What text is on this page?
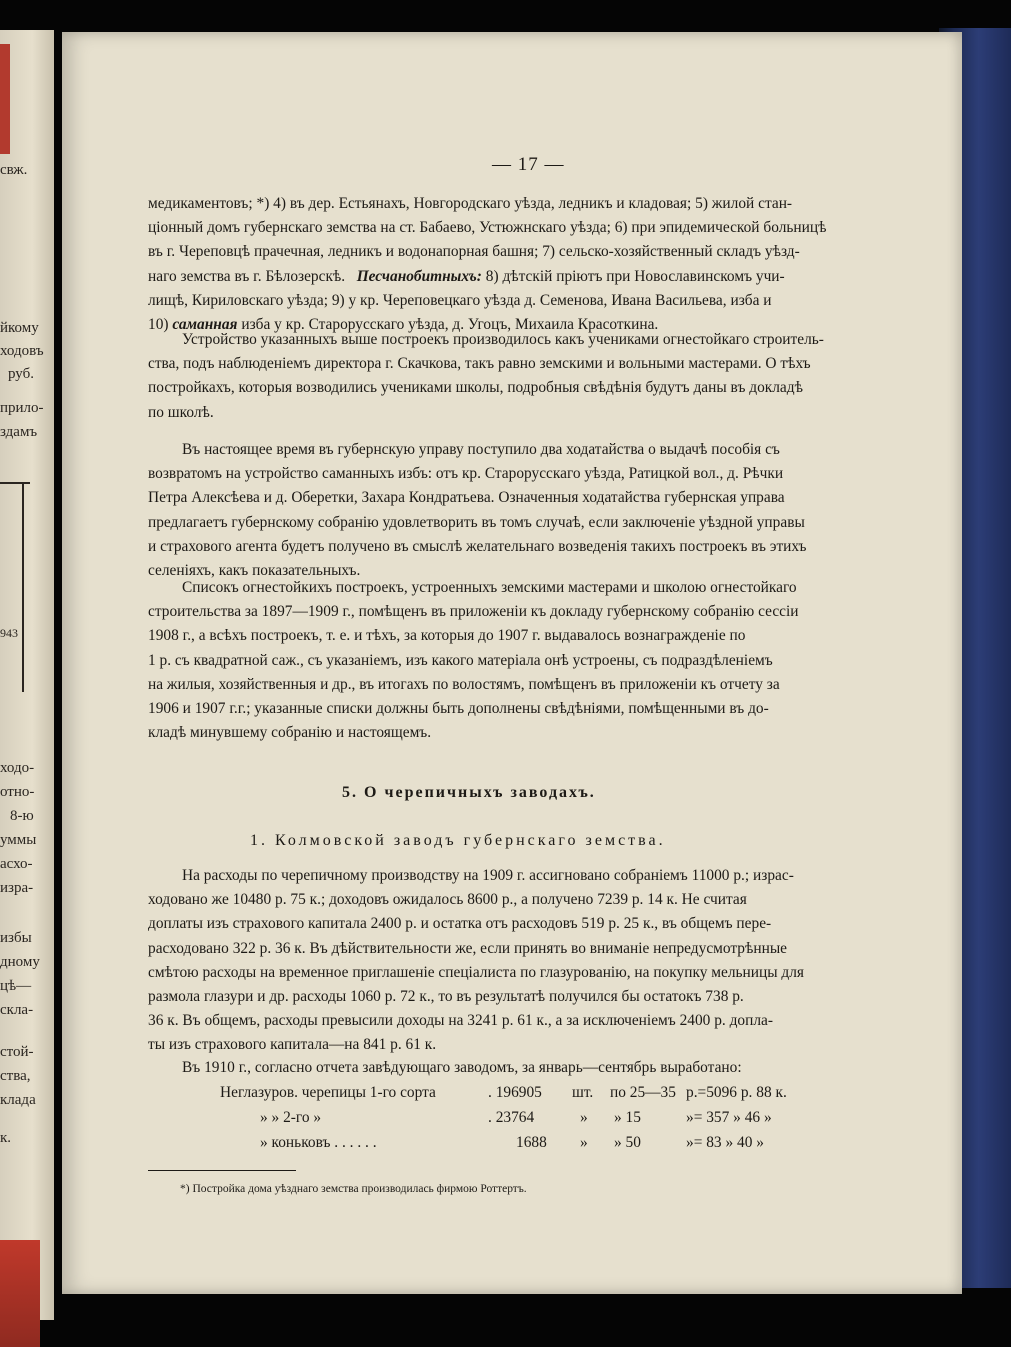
свж.
йкому
ходовъ
руб.
прило-
здамъ
943
ходо-
отно-
8-ю
уммы
асхо-
изра-
избы
дному
цѣ—
скла-
стой-
ства,
клада
к.
— 17 —
медикаментовъ; *) 4) въ дер. Естьянахъ, Новгородскаго уѣзда, ледникъ и кладовая; 5) жилой стан-
ціонный домъ губернскаго земства на ст. Бабаево, Устюжнскаго уѣзда; 6) при эпидемической больницѣ
въ г. Череповцѣ прачечная, ледникъ и водонапорная башня; 7) сельско-хозяйственный складъ уѣзд-
наго земства въ г. Бѣлозерскѣ. Песчанобитныхъ: 8) дѣтскій пріютъ при Новославинскомъ учи-
лищѣ, Кириловскаго уѣзда; 9) у кр. Череповецкаго уѣзда д. Семенова, Ивана Васильева, изба и
10) саманная изба у кр. Старорусскаго уѣзда, д. Угоцъ, Михаила Красоткина.
Устройство указанныхъ выше построекъ производилось какъ учениками огнестойкаго строитель-
ства, подъ наблюденіемъ директора г. Скачкова, такъ равно земскими и вольными мастерами. О тѣхъ
постройкахъ, которыя возводились учениками школы, подробныя свѣдѣнія будутъ даны въ докладѣ
по школѣ.
Въ настоящее время въ губернскую управу поступило два ходатайства о выдачѣ пособія съ
возвратомъ на устройство саманныхъ избъ: отъ кр. Старорусскаго уѣзда, Ратицкой вол., д. Рѣчки
Петра Алексѣева и д. Оберетки, Захара Кондратьева. Означенныя ходатайства губернская управа
предлагаетъ губернскому собранію удовлетворить въ томъ случаѣ, если заключеніе уѣздной управы
и страхового агента будетъ получено въ смыслѣ желательнаго возведенія такихъ построекъ въ этихъ
селеніяхъ, какъ показательныхъ.
Списокъ огнестойкихъ построекъ, устроенныхъ земскими мастерами и школою огнестойкаго
строительства за 1897—1909 г., помѣщенъ въ приложеніи къ докладу губернскому собранію сессіи
1908 г., а всѣхъ построекъ, т. е. и тѣхъ, за которыя до 1907 г. выдавалось вознагражденіе по
1 р. съ квадратной саж., съ указаніемъ, изъ какого матеріала онѣ устроены, съ подраздѣленіемъ
на жилыя, хозяйственныя и др., въ итогахъ по волостямъ, помѣщенъ въ приложеніи къ отчету за
1906 и 1907 г.г.; указанные списки должны быть дополнены свѣдѣніями, помѣщенными въ до-
кладѣ минувшему собранію и настоящемъ.
5. О черепичныхъ заводахъ.
1. Колмовской заводъ губернскаго земства.
На расходы по черепичному производству на 1909 г. ассигновано собраніемъ 11000 р.; израс-
ходовано же 10480 р. 75 к.; доходовъ ожидалось 8600 р., а получено 7239 р. 14 к. Не считая
доплаты изъ страхового капитала 2400 р. и остатка отъ расходовъ 519 р. 25 к., въ общемъ пере-
расходовано 322 р. 36 к. Въ дѣйствительности же, если принять во вниманіе непредусмотрѣнные
смѣтою расходы на временное приглашеніе спеціалиста по глазурованію, на покупку мельницы для
размола глазури и др. расходы 1060 р. 72 к., то въ результатѣ получился бы остатокъ 738 р.
36 к. Въ общемъ, расходы превысили доходы на 3241 р. 61 к., а за исключеніемъ 2400 р. допла-
ты изъ страхового капитала—на 841 р. 61 к.
Въ 1910 г., согласно отчета завѣдующаго заводомъ, за январь—сентябрь выработано:
Неглазуров. черепицы 1-го сорта	. 196905 шт. по 25—35 р.=5096 р. 88 к.
» » 2-го »	. 23764	» » 15	»= 357 » 46 »
» коньковъ . . . . . .	1688 » » 50	»= 83 » 40 »
*) Постройка дома уѣзднаго земства производилась фирмою Роттертъ.
